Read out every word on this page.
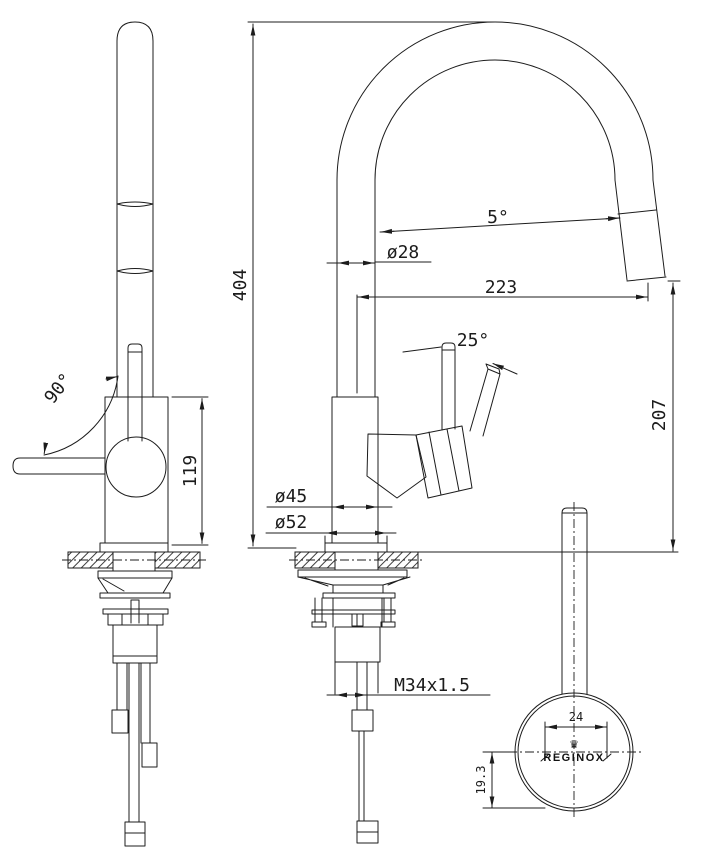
90°
119
25°
404
5°
ø28
223
207
ø45
ø52
M34x1.5
24
♛
REGINOX
19.3
